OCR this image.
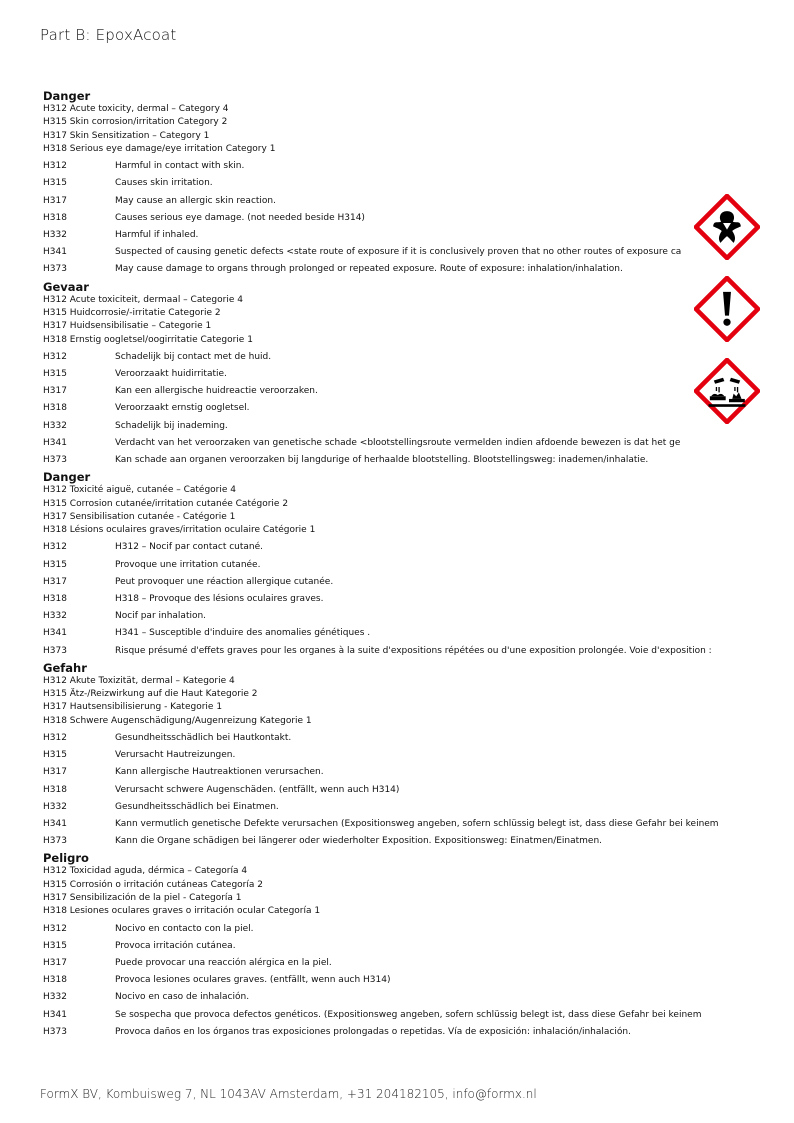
Part B: EpoxAcoat
Danger
H312 Acute toxicity, dermal – Category 4
H315 Skin corrosion/irritation Category 2
H317 Skin Sensitization – Category 1
H318 Serious eye damage/eye irritation Category 1
H312	Harmful in contact with skin.
H315	Causes skin irritation.
H317	May cause an allergic skin reaction.
H318	Causes serious eye damage. (not needed beside H314)
H332	Harmful if inhaled.
H341	Suspected of causing genetic defects <state route of exposure if it is conclusively proven that no other routes of exposure ca
H373	May cause damage to organs through prolonged or repeated exposure. Route of exposure: inhalation/inhalation.
Gevaar
H312 Acute toxiciteit, dermaal – Categorie 4
H315 Huidcorrosie/-irritatie Categorie 2
H317 Huidsensibilisatie – Categorie 1
H318 Ernstig oogletsel/oogirritatie Categorie 1
H312	Schadelijk bij contact met de huid.
H315	Veroorzaakt huidirritatie.
H317	Kan een allergische huidreactie veroorzaken.
H318	Veroorzaakt ernstig oogletsel.
H332	Schadelijk bij inademing.
H341	Verdacht van het veroorzaken van genetische schade <blootstellingsroute vermelden indien afdoende bewezen is dat het ge
H373	Kan schade aan organen veroorzaken bij langdurige of herhaalde blootstelling. Blootstellingsweg: inademen/inhalatie.
Danger
H312 Toxicité aiguë, cutanée – Catégorie 4
H315 Corrosion cutanée/irritation cutanée Catégorie 2
H317 Sensibilisation cutanée - Catégorie 1
H318 Lésions oculaires graves/irritation oculaire Catégorie 1
H312	H312 – Nocif par contact cutané.
H315	Provoque une irritation cutanée.
H317	Peut provoquer une réaction allergique cutanée.
H318	H318 – Provoque des lésions oculaires graves.
H332	Nocif par inhalation.
H341	H341 – Susceptible d'induire des anomalies génétiques .
H373	Risque présumé d'effets graves pour les organes à la suite d'expositions répétées ou d'une exposition prolongée. Voie d'exposition :
Gefahr
H312 Akute Toxizität, dermal – Kategorie 4
H315 Ätz-/Reizwirkung auf die Haut Kategorie 2
H317 Hautsensibilisierung - Kategorie 1
H318 Schwere Augenschädigung/Augenreizung Kategorie 1
H312	Gesundheitsschädlich bei Hautkontakt.
H315	Verursacht Hautreizungen.
H317	Kann allergische Hautreaktionen verursachen.
H318	Verursacht schwere Augenschäden. (entfällt, wenn auch H314)
H332	Gesundheitsschädlich bei Einatmen.
H341	Kann vermutlich genetische Defekte verursachen (Expositionsweg angeben, sofern schlüssig belegt ist, dass diese Gefahr bei keinem
H373	Kann die Organe schädigen bei längerer oder wiederholter Exposition. Expositionsweg: Einatmen/Einatmen.
Peligro
H312 Toxicidad aguda, dérmica – Categoría 4
H315 Corrosión o irritación cutáneas Categoría 2
H317 Sensibilización de la piel - Categoría 1
H318 Lesiones oculares graves o irritación ocular Categoría 1
H312	Nocivo en contacto con la piel.
H315	Provoca irritación cutánea.
H317	Puede provocar una reacción alérgica en la piel.
H318	Provoca lesiones oculares graves. (entfällt, wenn auch H314)
H332	Nocivo en caso de inhalación.
H341	Se sospecha que provoca defectos genéticos. (Expositionsweg angeben, sofern schlüssig belegt ist, dass diese Gefahr bei keinem
H373	Provoca daños en los órganos tras exposiciones prolongadas o repetidas. Vía de exposición: inhalación/inhalación.

FormX BV, Kombuisweg 7, NL 1043AV Amsterdam, +31 204182105, info@formx.nl
